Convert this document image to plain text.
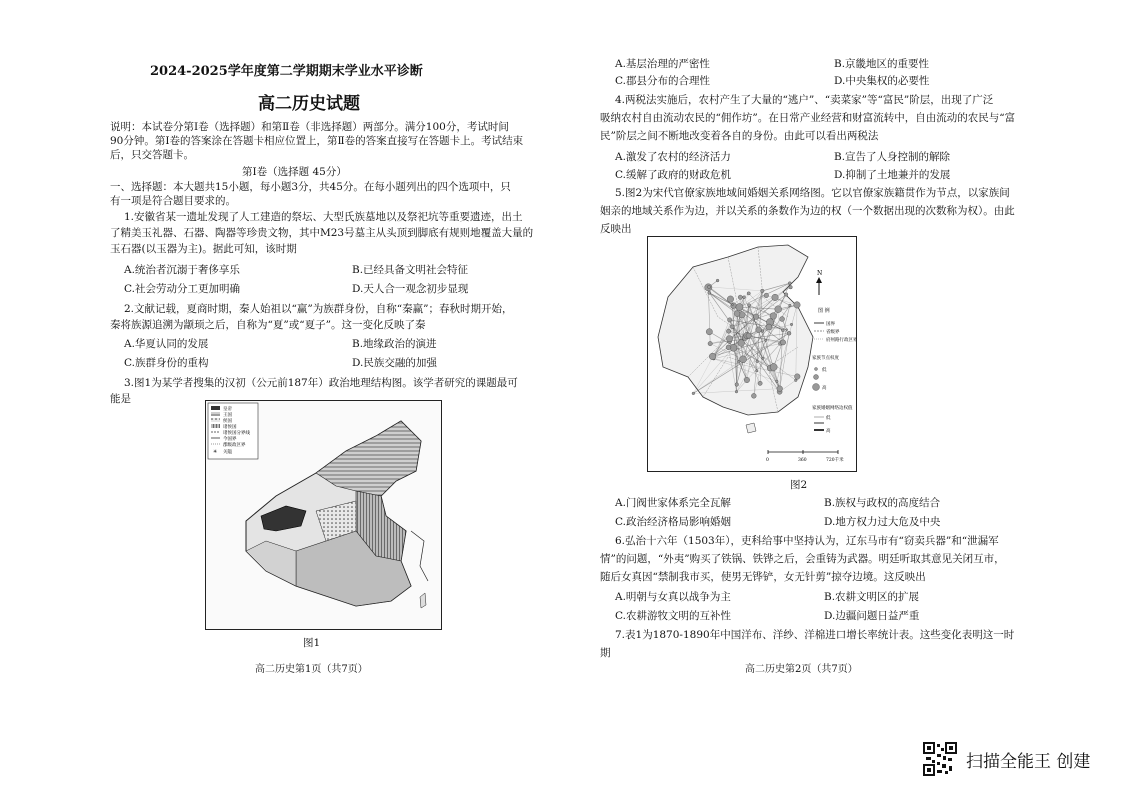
2024-2025学年度第二学期期末学业水平诊断
高二历史试题
说明：本试卷分第Ⅰ卷（选择题）和第Ⅱ卷（非选择题）两部分。满分100分，考试时间
90分钟。第Ⅰ卷的答案涂在答题卡相应位置上，第Ⅱ卷的答案直接写在答题卡上。考试结束
后，只交答题卡。
第Ⅰ卷（选择题 45分）
一、选择题：本大题共15小题，每小题3分，共45分。在每小题列出的四个选项中，只
有一项是符合题目要求的。
1.安徽省某一遗址发现了人工建造的祭坛、大型氏族墓地以及祭祀坑等重要遗迹，出土
了精美玉礼器、石器、陶器等珍贵文物，其中M23号墓主从头顶到脚底有规则地覆盖大量的
玉石器(以玉器为主)。据此可知，该时期
A.统治者沉溺于奢侈享乐	B.已经具备文明社会特征
C.社会劳动分工更加明确	D.天人合一观念初步显现
2.文献记载，夏商时期，秦人始祖以“赢”为族群身份，自称“秦赢”；春秋时期开始，
秦将族源追溯为颛顼之后，自称为“夏”或“夏子”。这一变化反映了秦
A.华夏认同的发展	B.地缘政治的演进
C.族群身份的重构	D.民族交融的加强
3.图1为某学者搜集的汉初（公元前187年）政治地理结构图。该学者研究的课题最可
能是
✳
皇帝
王国
侯国
诸侯国
诸侯国分界线
今国界
郡级政区界
关隘
图1
高二历史第1页（共7页）
A.基层治理的严密性	B.京畿地区的重要性
C.郡县分布的合理性	D.中央集权的必要性
4.两税法实施后，农村产生了大量的“逃户”、“卖菜家”等“富民”阶层，出现了广泛
吸纳农村自由流动农民的“佣作坊”。在日常产业经营和财富流转中，自由流动的农民与“富
民”阶层之间不断地改变着各自的身份。由此可以看出两税法
A.激发了农村的经济活力	B.宣告了人身控制的解除
C.缓解了政府的财政危机	D.抑制了土地兼并的发展
5.图2为宋代官僚家族地域间婚姻关系网络图。它以官僚家族籍贯作为节点，以家族间
姻亲的地域关系作为边，并以关系的条数作为边的权（一个数据出现的次数称为权）。由此
反映出
N
图 例
国界
省级界
府州路行政区界
家族节点权度
低
高
家族婚姻网络边权值
低
高
0	360	720千米
图2
A.门阀世家体系完全瓦解	B.族权与政权的高度结合
C.政治经济格局影响婚姻	D.地方权力过大危及中央
6.弘治十六年（1503年），吏科给事中坚持认为，辽东马市有“窃卖兵器”和“泄漏军
情”的问题，“外夷”购买了铁锅、铁铧之后，会重铸为武器。明廷听取其意见关闭互市，
随后女真因“禁制我市买，使男无铧铲，女无针剪”掠夺边境。这反映出
A.明朝与女真以战争为主	B.农耕文明区的扩展
C.农耕游牧文明的互补性	D.边疆问题日益严重
7.表1为1870-1890年中国洋布、洋纱、洋棉进口增长率统计表。这些变化表明这一时
期
高二历史第2页（共7页）
扫描全能王 创建
